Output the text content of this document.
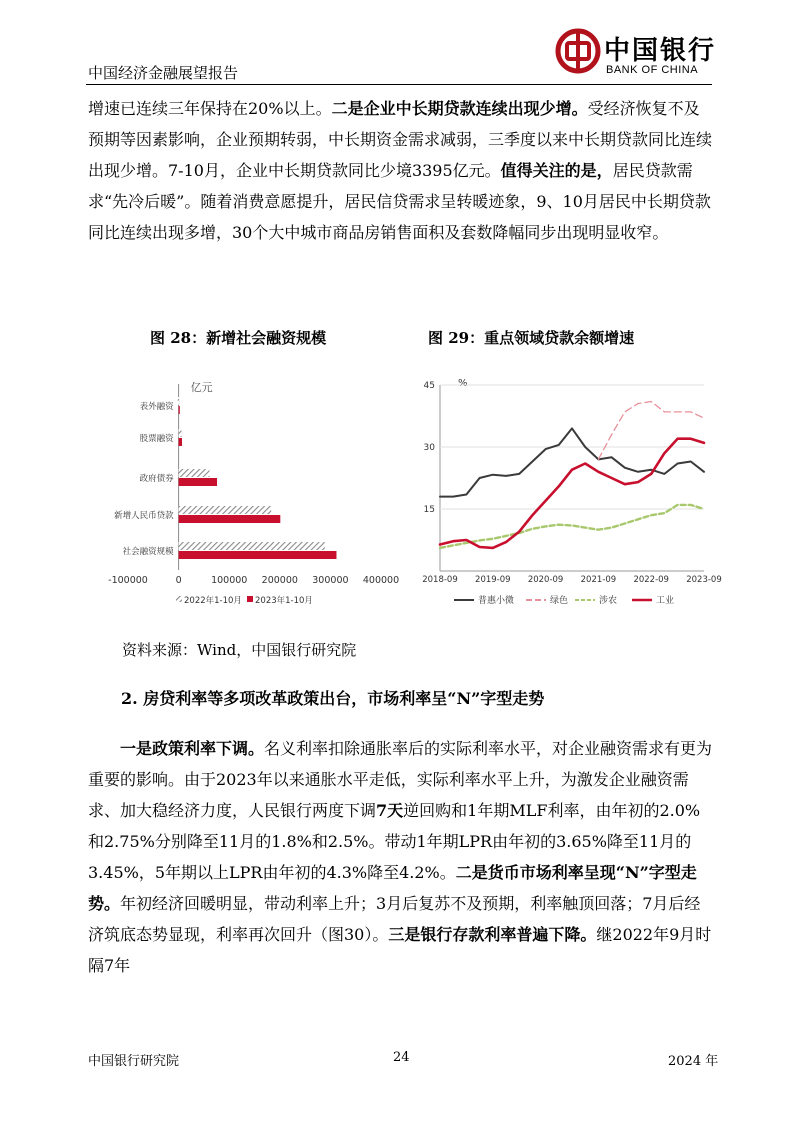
中国经济金融展望报告
中国银行
BANK OF CHINA

增速已连续三年保持在20%以上。二是企业中长期贷款连续出现少增。受经济恢复不及预期等因素影响，企业预期转弱，中长期资金需求减弱，三季度以来中长期贷款同比连续出现少增。7-10月，企业中长期贷款同比少境3395亿元。值得关注的是，居民贷款需求“先冷后暖”。随着消费意愿提升，居民信贷需求呈转暖迹象，9、10月居民中长期贷款同比连续出现多增，30个大中城市商品房销售面积及套数降幅同步出现明显收窄。

图 28：新增社会融资规模	图 29：重点领域贷款余额增速
亿元
表外融资
股票融资
政府债券
新增人民币贷款
社会融资规模
-100000	0	100000 200000 300000 400000
2022年1-10月 2023年1-10月
%
15
30
45
2018-09 2019-09 2020-09 2021-09 2022-09 2023-09
普惠小微	绿色	涉农	工业
资料来源：Wind，中国银行研究院
2. 房贷利率等多项改革政策出台，市场利率呈“N”字型走势

一是政策利率下调。名义利率扣除通胀率后的实际利率水平，对企业融资需求有更为重要的影响。由于2023年以来通胀水平走低，实际利率水平上升，为激发企业融资需求、加大稳经济力度，人民银行两度下调7天逆回购和1年期MLF利率，由年初的2.0%和2.75%分别降至11月的1.8%和2.5%。带动1年期LPR由年初的3.65%降至11月的3.45%，5年期以上LPR由年初的4.3%降至4.2%。二是货币市场利率呈现“N”字型走势。年初经济回暖明显，带动利率上升；3月后复苏不及预期，利率触顶回落；7月后经济筑底态势显现，利率再次回升（图30）。三是银行存款利率普遍下降。继2022年9月时隔7年

中国银行研究院	24	2024 年
